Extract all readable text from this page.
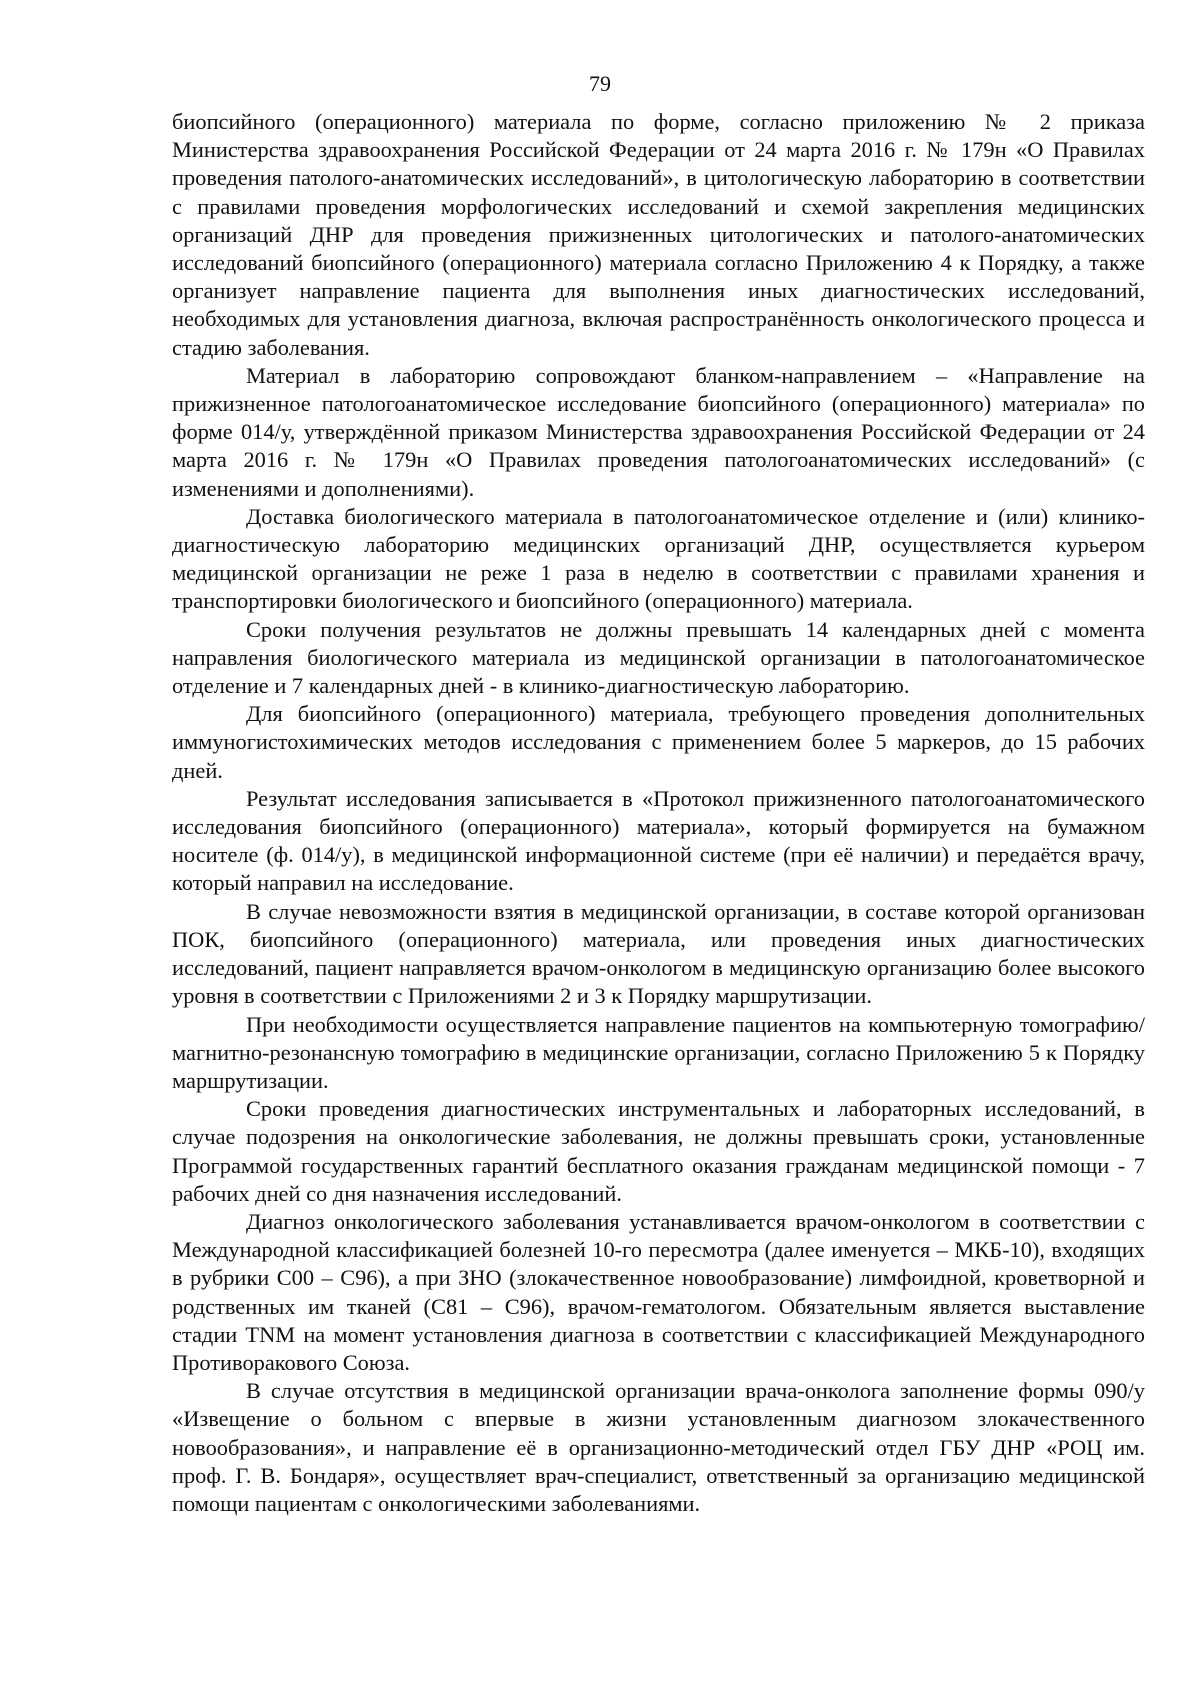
79

биопсийного (операционного) материала по форме, согласно приложению № 2 приказа Министерства здравоохранения Российской Федерации от 24 марта 2016 г. № 179н «О Правилах проведения патолого-анатомических исследований», в цитологическую лабораторию в соответствии с правилами проведения морфологических исследований и схемой закрепления медицинских организаций ДНР для проведения прижизненных цитологических и патолого-анатомических исследований биопсийного (операционного) материала согласно Приложению 4 к Порядку, а также организует направление пациента для выполнения иных диагностических исследований, необходимых для установления диагноза, включая распространённость онкологического процесса и стадию заболевания.

Материал в лабораторию сопровождают бланком-направлением – «Направление на прижизненное патологоанатомическое исследование биопсийного (операционного) материала» по форме 014/у, утверждённой приказом Министерства здравоохранения Российской Федерации от 24 марта 2016 г. № 179н «О Правилах проведения патологоанатомических исследований» (с изменениями и дополнениями).

Доставка биологического материала в патологоанатомическое отделение и (или) клинико-диагностическую лабораторию медицинских организаций ДНР, осуществляется курьером медицинской организации не реже 1 раза в неделю в соответствии с правилами хранения и транспортировки биологического и биопсийного (операционного) материала.

Сроки получения результатов не должны превышать 14 календарных дней с момента направления биологического материала из медицинской организации в патологоанатомическое отделение и 7 календарных дней - в клинико-диагностическую лабораторию.

Для биопсийного (операционного) материала, требующего проведения дополнительных иммуногистохимических методов исследования с применением более 5 маркеров, до 15 рабочих дней.

Результат исследования записывается в «Протокол прижизненного патологоанатомического исследования биопсийного (операционного) материала», который формируется на бумажном носителе (ф. 014/у), в медицинской информационной системе (при её наличии) и передаётся врачу, который направил на исследование.

В случае невозможности взятия в медицинской организации, в составе которой организован ПОК, биопсийного (операционного) материала, или проведения иных диагностических исследований, пациент направляется врачом-онкологом в медицинскую организацию более высокого уровня в соответствии с Приложениями 2 и 3 к Порядку маршрутизации.

При необходимости осуществляется направление пациентов на компьютерную томографию/магнитно-резонансную томографию в медицинские организации, согласно Приложению 5 к Порядку маршрутизации.

Сроки проведения диагностических инструментальных и лабораторных исследований, в случае подозрения на онкологические заболевания, не должны превышать сроки, установленные Программой государственных гарантий бесплатного оказания гражданам медицинской помощи - 7 рабочих дней со дня назначения исследований.

Диагноз онкологического заболевания устанавливается врачом-онкологом в соответствии с Международной классификацией болезней 10-го пересмотра (далее именуется – МКБ-10), входящих в рубрики С00 – С96), а при ЗНО (злокачественное новообразование) лимфоидной, кроветворной и родственных им тканей (С81 – С96), врачом-гематологом. Обязательным является выставление стадии TNM на момент установления диагноза в соответствии с классификацией Международного Противоракового Союза.

В случае отсутствия в медицинской организации врача-онколога заполнение формы 090/у «Извещение о больном с впервые в жизни установленным диагнозом злокачественного новообразования», и направление её в организационно-методический отдел ГБУ ДНР «РОЦ им. проф. Г. В. Бондаря», осуществляет врач-специалист, ответственный за организацию медицинской помощи пациентам с онкологическими заболеваниями.
